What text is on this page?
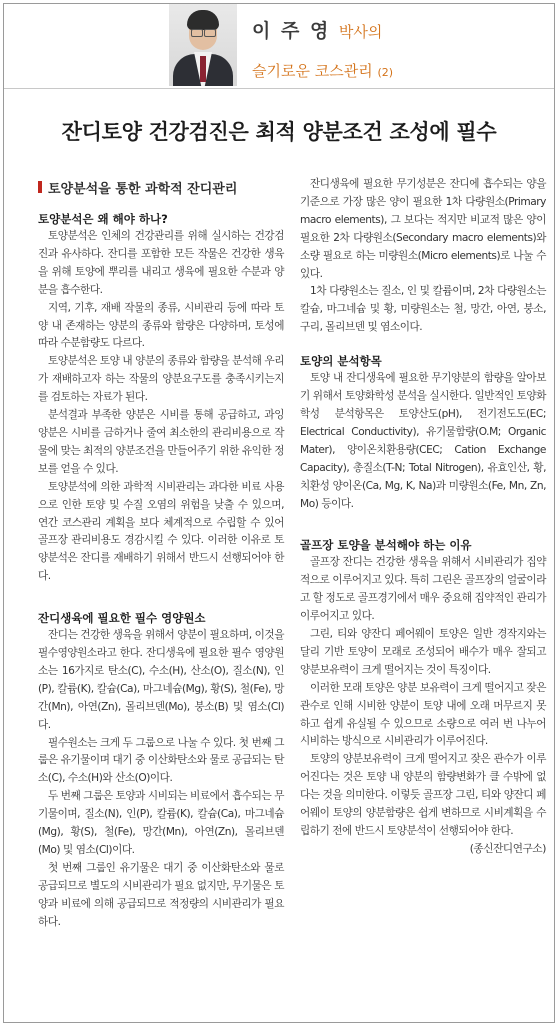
이 주 영 박사의
슬기로운 코스관리 (2)
잔디토양 건강검진은 최적 양분조건 조성에 필수
토양분석을 통한 과학적 잔디관리
토양분석은 왜 해야 하나?

토양분석은 인체의 건강관리를 위해 실시하는 건강검진과 유사하다. 잔디를 포함한 모든 작물은 건강한 생육을 위해 토양에 뿌리를 내리고 생육에 필요한 수분과 양분을 흡수한다.

지역, 기후, 재배 작물의 종류, 시비관리 등에 따라 토양 내 존재하는 양분의 종류와 함량은 다양하며, 토성에 따라 수분함량도 다르다.

토양분석은 토양 내 양분의 종류와 함량을 분석해 우리가 재배하고자 하는 작물의 양분요구도를 충족시키는지를 검토하는 자료가 된다.

분석결과 부족한 양분은 시비를 통해 공급하고, 과잉 양분은 시비를 금하거나 줄여 최소한의 관리비용으로 작물에 맞는 최적의 양분조건을 만들어주기 위한 유익한 정보를 얻을 수 있다.

토양분석에 의한 과학적 시비관리는 과다한 비료 사용으로 인한 토양 및 수질 오염의 위험을 낮출 수 있으며, 연간 코스관리 계획을 보다 체계적으로 수립할 수 있어 골프장 관리비용도 경감시킬 수 있다. 이러한 이유로 토양분석은 잔디를 재배하기 위해서 반드시 선행되어야 한다.

잔디생육에 필요한 필수 영양원소

잔디는 건강한 생육을 위해서 양분이 필요하며, 이것을 필수영양원소라고 한다. 잔디생육에 필요한 필수 영양원소는 16가지로 탄소(C), 수소(H), 산소(O), 질소(N), 인(P), 칼륨(K), 칼슘(Ca), 마그네슘(Mg), 황(S), 철(Fe), 망간(Mn), 아연(Zn), 몰리브덴(Mo), 붕소(B) 및 염소(Cl)다.

필수원소는 크게 두 그룹으로 나눌 수 있다. 첫 번째 그룹은 유기물이며 대기 중 이산화탄소와 물로 공급되는 탄소(C), 수소(H)와 산소(O)이다.

두 번째 그룹은 토양과 시비되는 비료에서 흡수되는 무기물이며, 질소(N), 인(P), 칼륨(K), 칼슘(Ca), 마그네슘(Mg), 황(S), 철(Fe), 망간(Mn), 아연(Zn), 몰리브덴(Mo) 및 염소(Cl)이다.

첫 번째 그룹인 유기물은 대기 중 이산화탄소와 물로 공급되므로 별도의 시비관리가 필요 없지만, 무기물은 토양과 비료에 의해 공급되므로 적정량의 시비관리가 필요하다.

잔디생육에 필요한 무기성분은 잔디에 흡수되는 양을 기준으로 가장 많은 양이 필요한 1차 다량원소(Primary macro elements), 그 보다는 적지만 비교적 많은 양이 필요한 2차 다량원소(Secondary macro elements)와 소량 필요로 하는 미량원소(Micro elements)로 나눌 수 있다.

1차 다량원소는 질소, 인 및 칼륨이며, 2차 다량원소는 칼슘, 마그네슘 및 황, 미량원소는 철, 망간, 아연, 붕소, 구리, 몰리브덴 및 염소이다.

토양의 분석항목

토양 내 잔디생육에 필요한 무기양분의 함량을 알아보기 위해서 토양화학성 분석을 실시한다. 일반적인 토양화학성 분석항목은 토양산도(pH), 전기전도도(EC; Electrical Conductivity), 유기물함량(O.M; Organic Mater), 양이온치환용량(CEC; Cation Exchange Capacity), 총질소(T-N; Total Nitrogen), 유효인산, 황, 치환성 양이온(Ca, Mg, K, Na)과 미량원소(Fe, Mn, Zn, Mo) 등이다.

골프장 토양을 분석해야 하는 이유

골프장 잔디는 건강한 생육을 위해서 시비관리가 집약적으로 이루어지고 있다. 특히 그린은 골프장의 얼굴이라고 할 정도로 골프경기에서 매우 중요해 집약적인 관리가 이루어지고 있다.

그린, 티와 양잔디 페어웨이 토양은 일반 경작지와는 달리 기반 토양이 모래로 조성되어 배수가 매우 잘되고 양분보유력이 크게 떨어지는 것이 특징이다.

이러한 모래 토양은 양분 보유력이 크게 떨어지고 잦은 관수로 인해 시비한 양분이 토양 내에 오래 머무르지 못하고 쉽게 유실될 수 있으므로 소량으로 여러 번 나누어 시비하는 방식으로 시비관리가 이루어진다.

토양의 양분보유력이 크게 떨어지고 잦은 관수가 이루어진다는 것은 토양 내 양분의 함량변화가 클 수밖에 없다는 것을 의미한다. 이렇듯 골프장 그린, 티와 양잔디 페어웨이 토양의 양분함량은 쉽게 변하므로 시비계획을 수립하기 전에 반드시 토양분석이 선행되어야 한다.

(종신잔디연구소)
